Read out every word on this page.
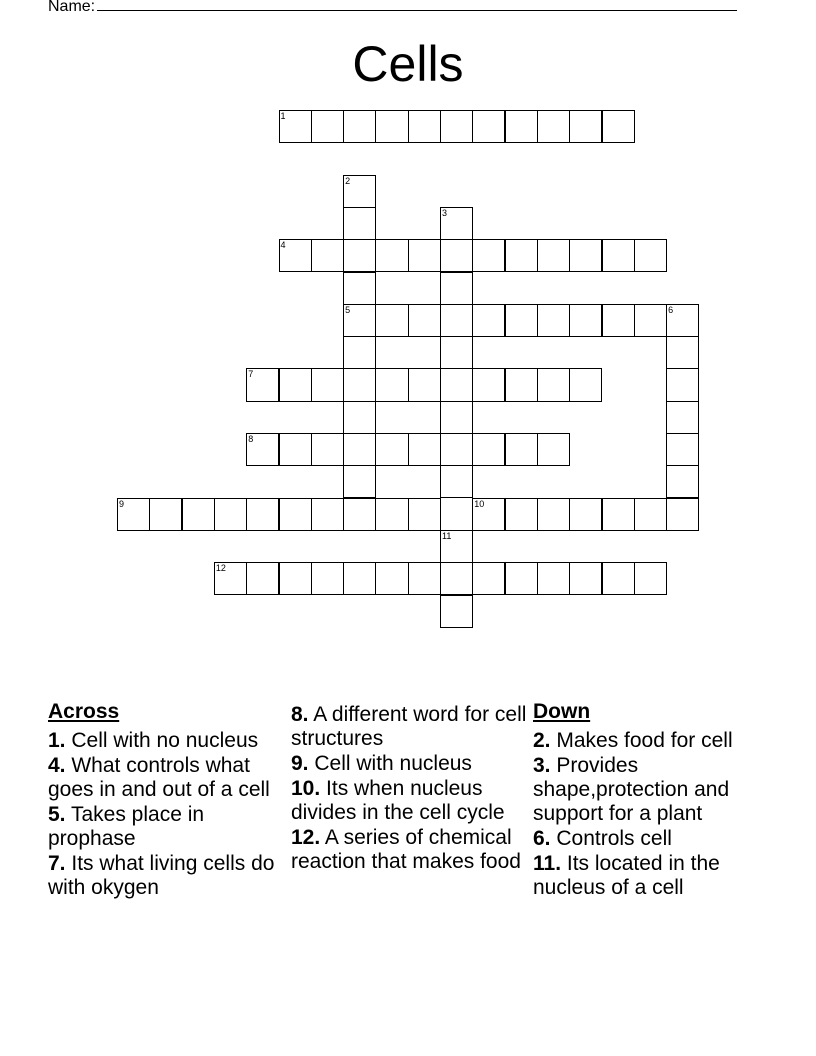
Name:
Cells
1
2
5
3
4
6
7
8
9	10
11
12
Across
1. Cell with no nucleus
4. What controls what goes in and out of a cell
5. Takes place in prophase
7. Its what living cells do with okygen
8. A different word for cell structures
9. Cell with nucleus
10. Its when nucleus divides in the cell cycle
12. A series of chemical reaction that makes food
Down
2. Makes food for cell
3. Provides shape,protection and support for a plant
6. Controls cell
11. Its located in the nucleus of a cell
